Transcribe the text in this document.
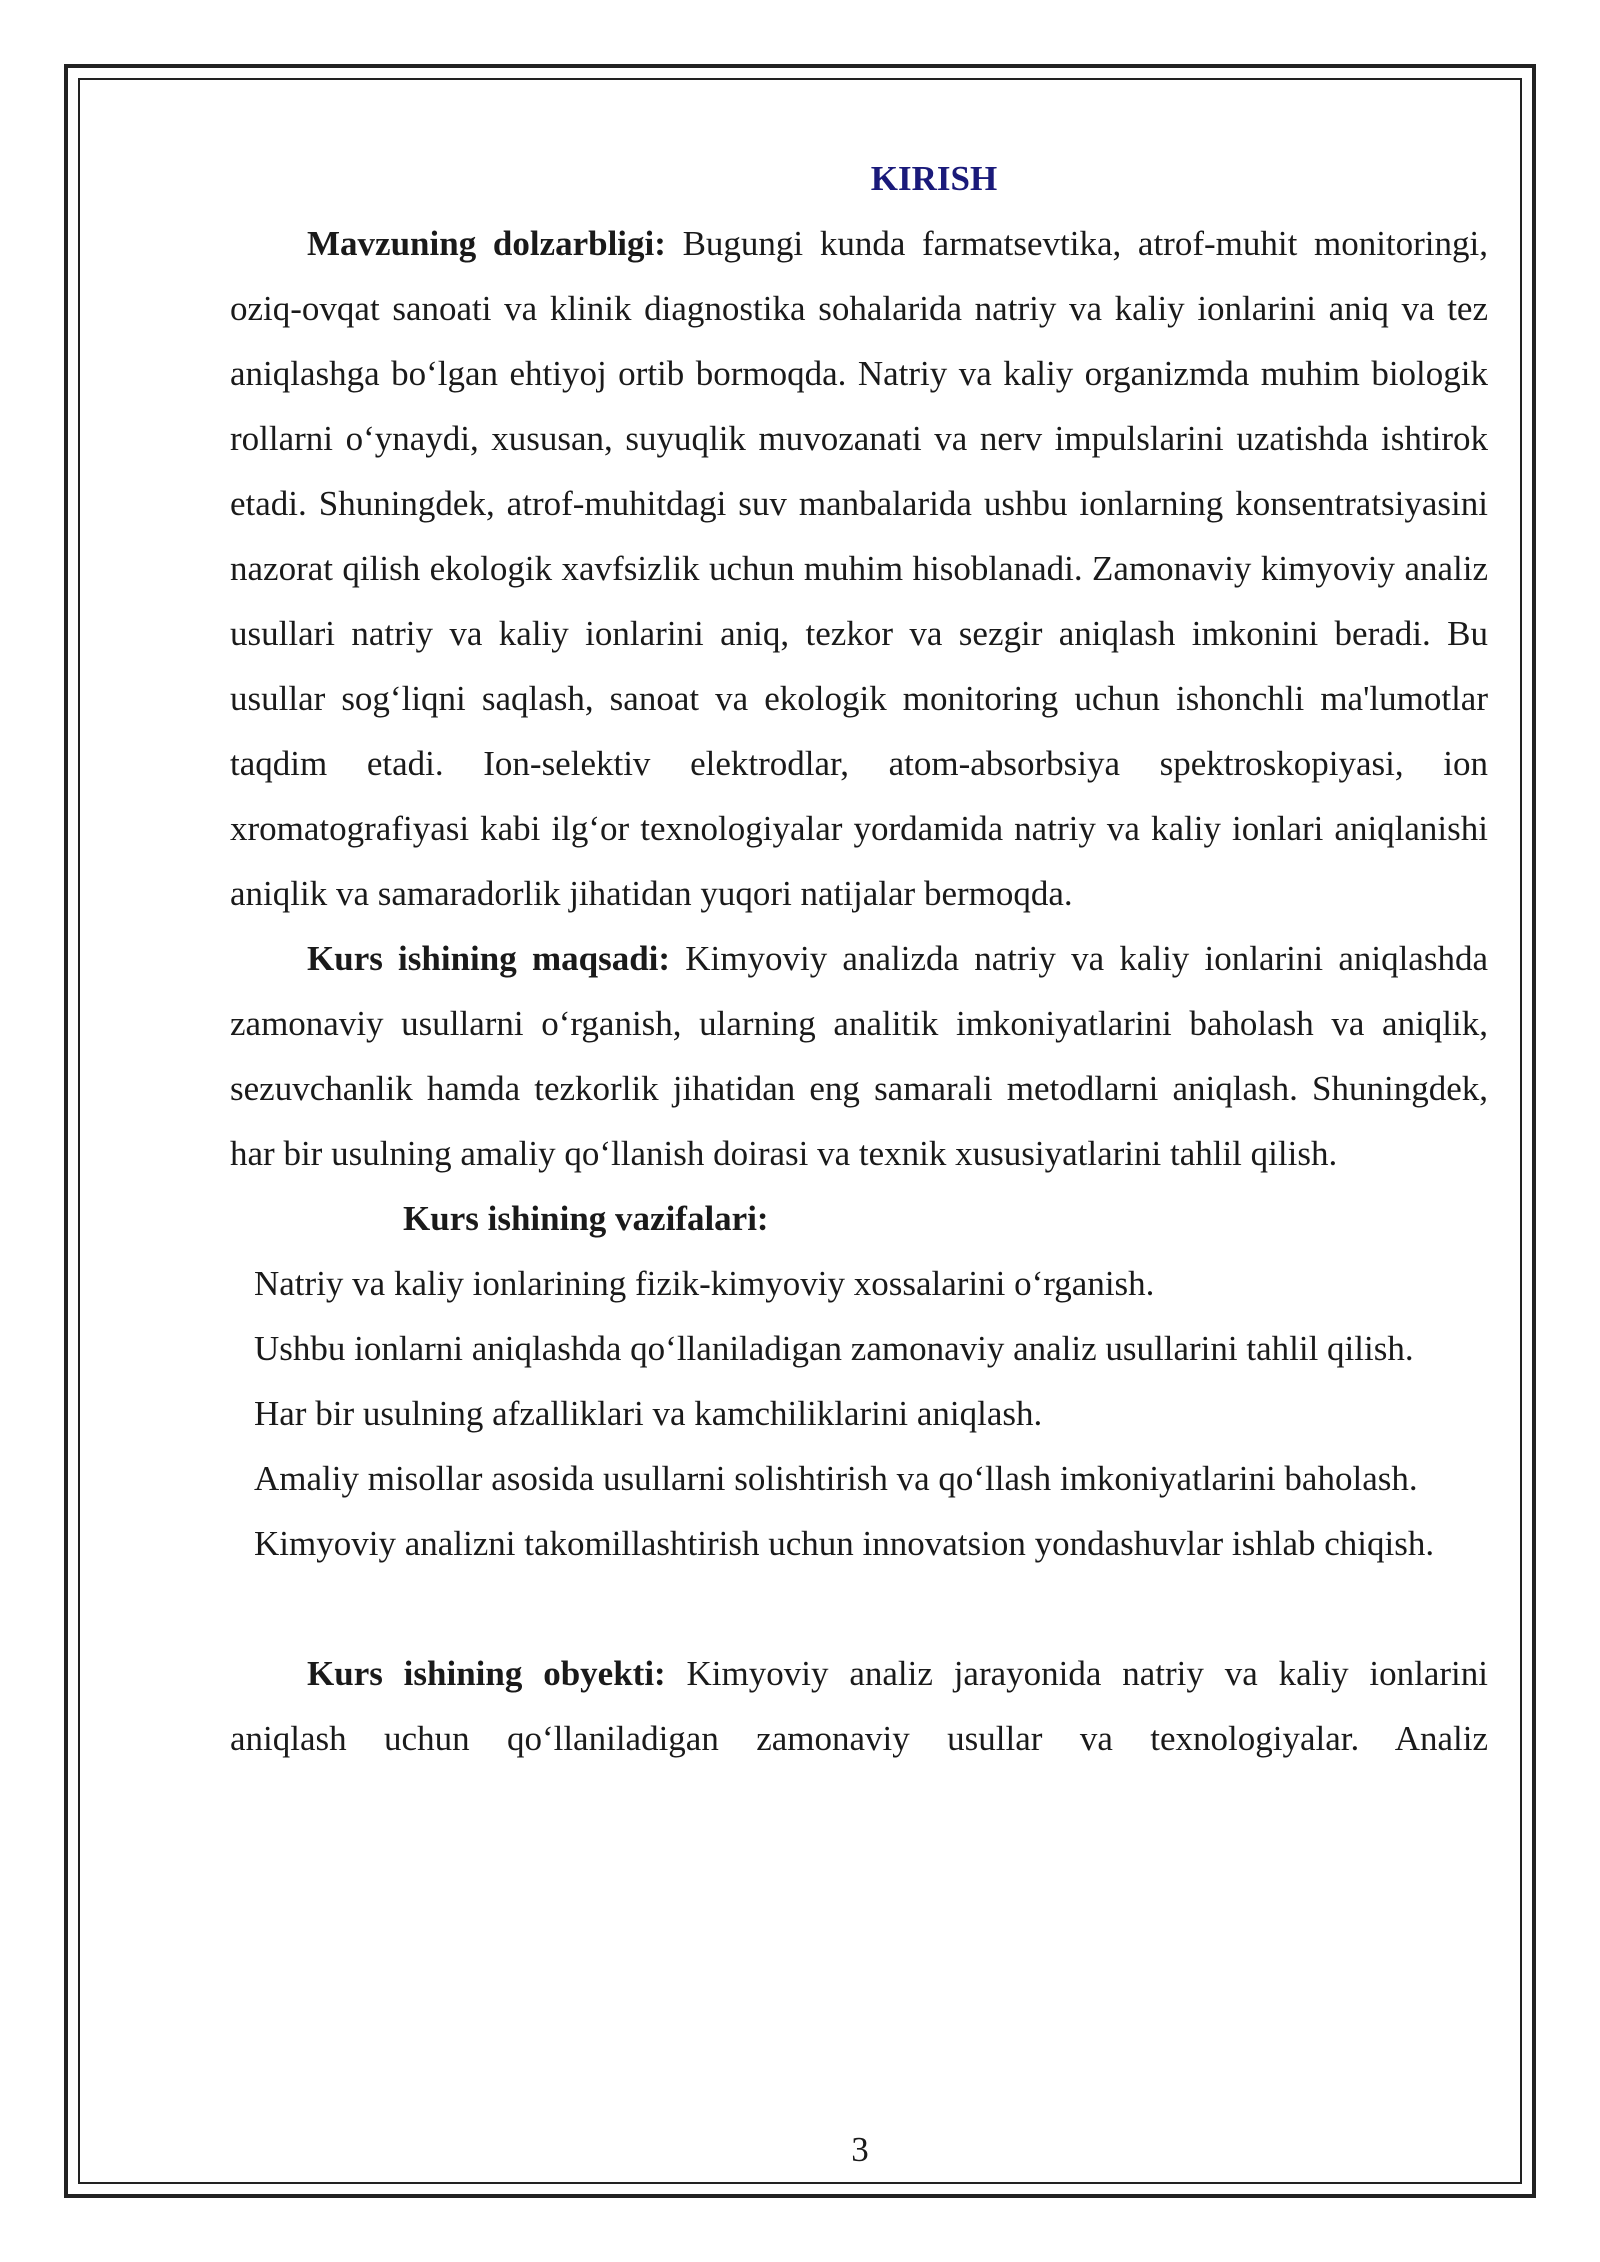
KIRISH

Mavzuning dolzarbligi: Bugungi kunda farmatsevtika, atrof-muhit monitoringi, oziq-ovqat sanoati va klinik diagnostika sohalarida natriy va kaliy ionlarini aniq va tez aniqlashga bo‘lgan ehtiyoj ortib bormoqda. Natriy va kaliy organizmda muhim biologik rollarni o‘ynaydi, xususan, suyuqlik muvozanati va nerv impulslarini uzatishda ishtirok etadi. Shuningdek, atrof-muhitdagi suv manbalarida ushbu ionlarning konsentratsiyasini nazorat qilish ekologik xavfsizlik uchun muhim hisoblanadi. Zamonaviy kimyoviy analiz usullari natriy va kaliy ionlarini aniq, tezkor va sezgir aniqlash imkonini beradi. Bu usullar sog‘liqni saqlash, sanoat va ekologik monitoring uchun ishonchli ma'lumotlar taqdim etadi. Ion-selektiv elektrodlar, atom-absorbsiya spektroskopiyasi, ion xromatografiyasi kabi ilg‘or texnologiyalar yordamida natriy va kaliy ionlari aniqlanishi aniqlik va samaradorlik jihatidan yuqori natijalar bermoqda.

Kurs ishining maqsadi: Kimyoviy analizda natriy va kaliy ionlarini aniqlashda zamonaviy usullarni o‘rganish, ularning analitik imkoniyatlarini baholash va aniqlik, sezuvchanlik hamda tezkorlik jihatidan eng samarali metodlarni aniqlash. Shuningdek, har bir usulning amaliy qo‘llanish doirasi va texnik xususiyatlarini tahlil qilish.

Kurs ishining vazifalari:

Natriy va kaliy ionlarining fizik-kimyoviy xossalarini o‘rganish.

Ushbu ionlarni aniqlashda qo‘llaniladigan zamonaviy analiz usullarini tahlil qilish.

Har bir usulning afzalliklari va kamchiliklarini aniqlash.

Amaliy misollar asosida usullarni solishtirish va qo‘llash imkoniyatlarini baholash.

Kimyoviy analizni takomillashtirish uchun innovatsion yondashuvlar ishlab chiqish.

Kurs ishining obyekti: Kimyoviy analiz jarayonida natriy va kaliy ionlarini aniqlash uchun qo‘llaniladigan zamonaviy usullar va texnologiyalar. Analiz

3
